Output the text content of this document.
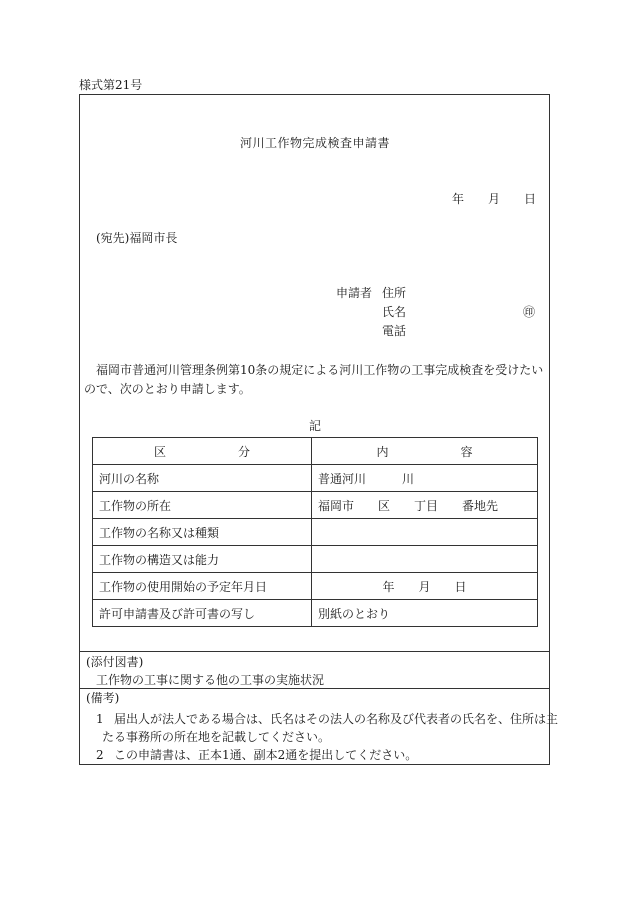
様式第21号
河川工作物完成検査申請書
年 月 日
(宛先)福岡市長
申請者 住所
氏名	㊞
電話
福岡市普通河川管理条例第10条の規定による河川工作物の工事完成検査を受けたいので、次のとおり申請します。
記
区 分	内 容
河川の名称	普通河川　　　川
工作物の所在	福岡市　　区　　丁目　　番地先
工作物の名称又は種類	
工作物の構造又は能力	
工作物の使用開始の予定年月日	年　　月　　日
許可申請書及び許可書の写し	別紙のとおり
(添付図書)
工作物の工事に関する他の工事の実施状況
(備考)
1 届出人が法人である場合は、氏名はその法人の名称及び代表者の氏名を、住所は主
たる事務所の所在地を記載してください。
2 この申請書は、正本1通、副本2通を提出してください。
